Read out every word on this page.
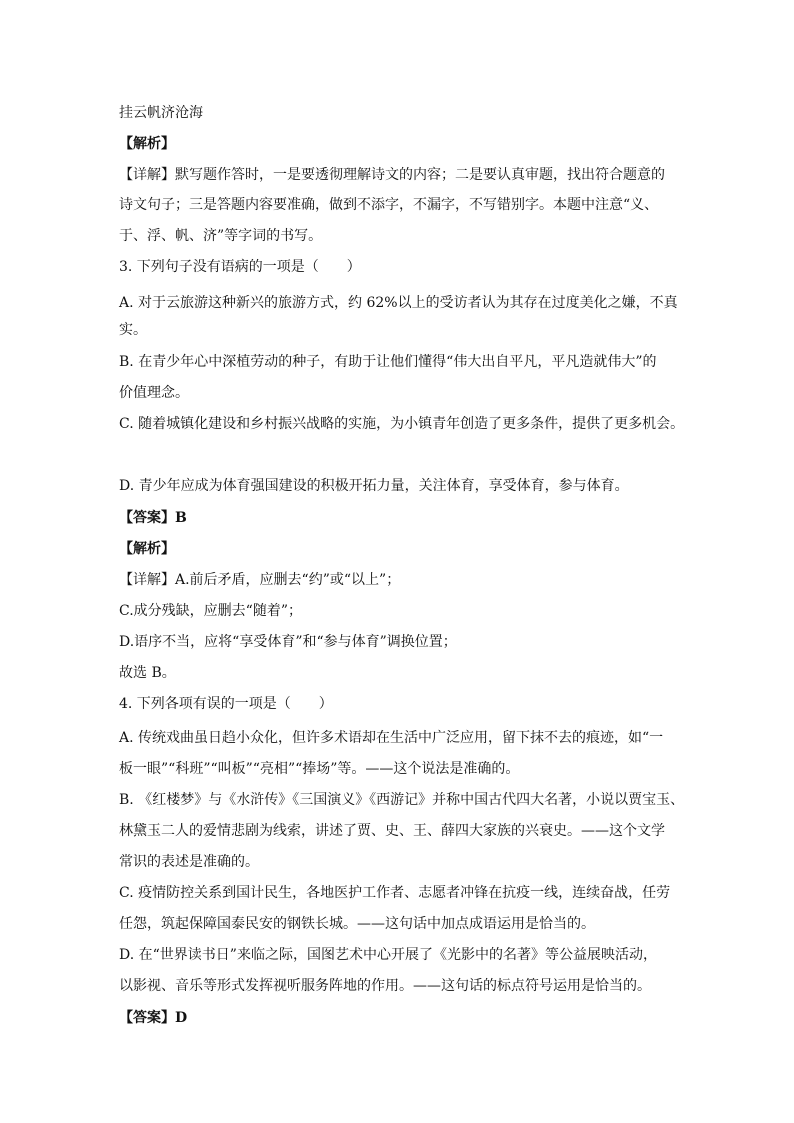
挂云帆济沧海
【解析】
【详解】默写题作答时，一是要透彻理解诗文的内容；二是要认真审题，找出符合题意的
诗文句子；三是答题内容要准确，做到不添字，不漏字，不写错别字。本题中注意“义、
于、浮、帆、济”等字词的书写。
3. 下列句子没有语病的一项是（　　）
A. 对于云旅游这种新兴的旅游方式，约 62%以上的受访者认为其存在过度美化之嫌，不真
实。
B. 在青少年心中深植劳动的种子，有助于让他们懂得“伟大出自平凡，平凡造就伟大”的
价值理念。
C. 随着城镇化建设和乡村振兴战略的实施，为小镇青年创造了更多条件，提供了更多机会。
D. 青少年应成为体育强国建设的积极开拓力量，关注体育，享受体育，参与体育。
【答案】B
【解析】
【详解】A.前后矛盾，应删去“约”或“以上”；
C.成分残缺，应删去“随着”；
D.语序不当，应将“享受体育”和“参与体育”调换位置；
故选 B。
4. 下列各项有误的一项是（　　）
A. 传统戏曲虽日趋小众化，但许多术语却在生活中广泛应用，留下抹不去的痕迹，如“一
板一眼”“科班”“叫板”“亮相”“捧场”等。——这个说法是准确的。
B. 《红楼梦》与《水浒传》《三国演义》《西游记》并称中国古代四大名著，小说以贾宝玉、
林黛玉二人的爱情悲剧为线索，讲述了贾、史、王、薛四大家族的兴衰史。——这个文学
常识的表述是准确的。
C. 疫情防控关系到国计民生，各地医护工作者、志愿者冲锋在抗疫一线，连续奋战，任劳
任怨，筑起保障国泰民安的钢铁长城。——这句话中加点成语运用是恰当的。
D. 在“世界读书日”来临之际，国图艺术中心开展了《光影中的名著》等公益展映活动，
以影视、音乐等形式发挥视听服务阵地的作用。——这句话的标点符号运用是恰当的。
【答案】D
